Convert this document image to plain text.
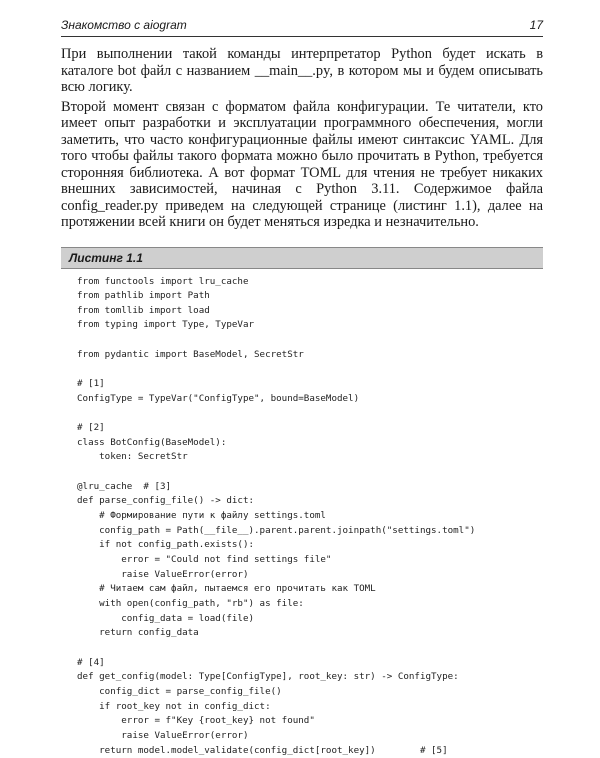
Знакомство с aiogram	17

При выполнении такой команды интерпретатор Python будет искать в каталоге bot файл с названием __main__.py, в котором мы и будем описывать всю логику.

Второй момент связан с форматом файла конфигурации. Те читатели, кто имеет опыт разработки и эксплуатации программного обеспечения, могли заметить, что часто конфигурационные файлы имеют синтаксис YAML. Для того чтобы файлы такого формата можно было прочитать в Python, требуется сторонняя библиотека. А вот формат TOML для чтения не требует никаких внешних зависимостей, начиная с Python 3.11. Содержимое файла config_reader.py приведем на следующей странице (листинг 1.1), далее на протяжении всей книги он будет меняться изредка и незначительно.

Листинг 1.1
from functools import lru_cache
from pathlib import Path
from tomllib import load
from typing import Type, TypeVar

from pydantic import BaseModel, SecretStr

# [1]
ConfigType = TypeVar("ConfigType", bound=BaseModel)

# [2]
class BotConfig(BaseModel):
token: SecretStr

@lru_cache  # [3]
def parse_config_file() -> dict:
# Формирование пути к файлу settings.toml
config_path = Path(__file__).parent.parent.joinpath("settings.toml")
if not config_path.exists():
error = "Could not find settings file"
raise ValueError(error)
# Читаем сам файл, пытаемся его прочитать как TOML
with open(config_path, "rb") as file:
config_data = load(file)
return config_data

# [4]
def get_config(model: Type[ConfigType], root_key: str) -> ConfigType:
config_dict = parse_config_file()
if root_key not in config_dict:
error = f"Key {root_key} not found"
raise ValueError(error)
return model.model_validate(config_dict[root_key])        # [5]
